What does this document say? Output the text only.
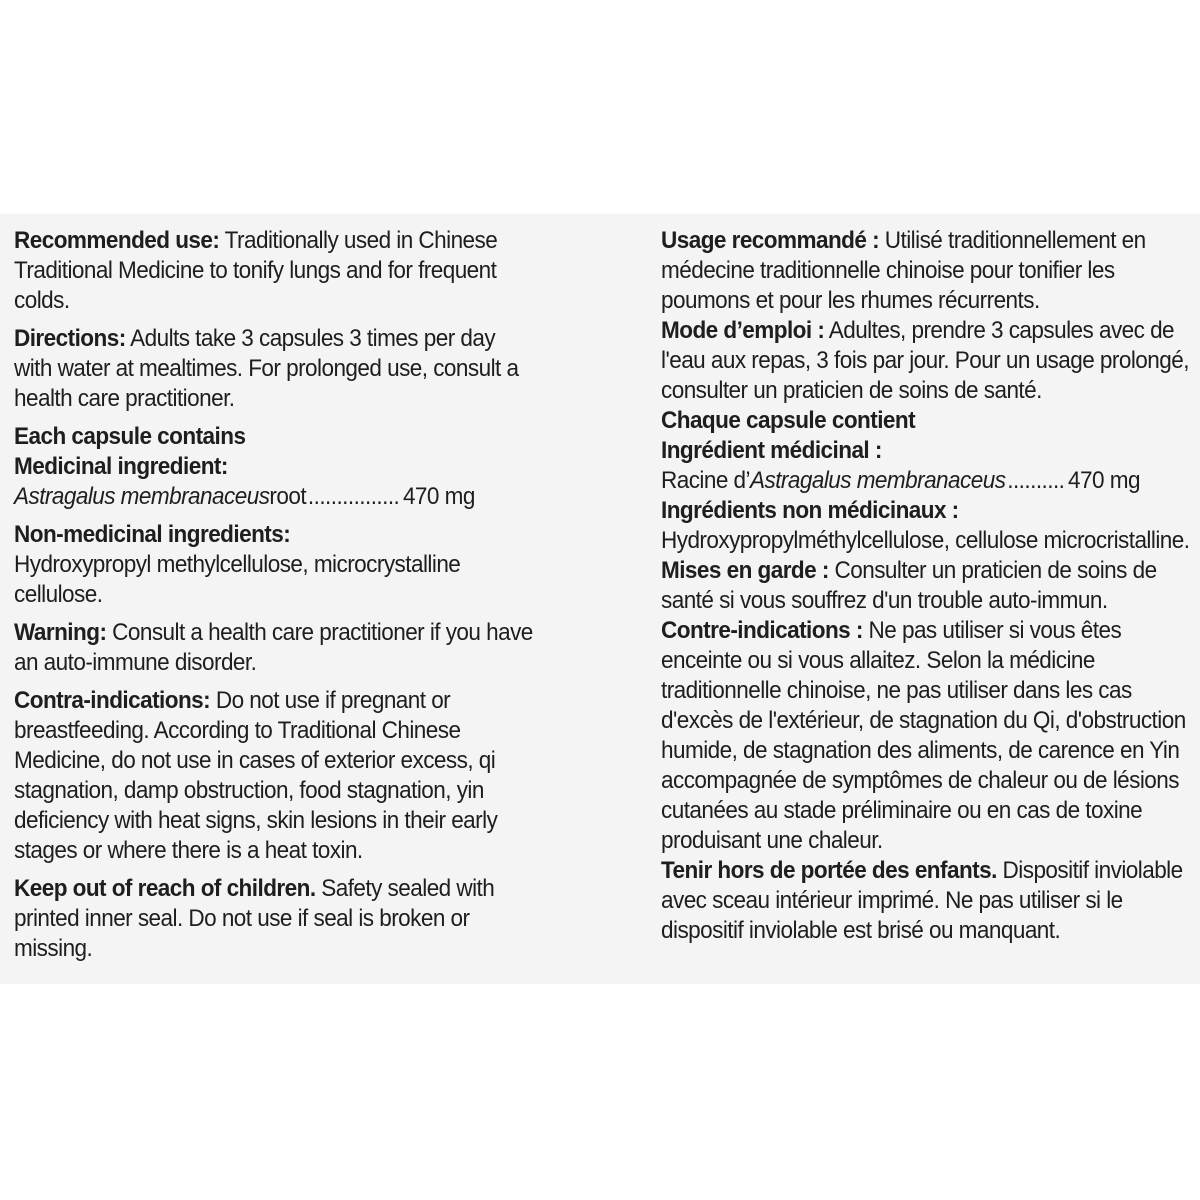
Recommended use: Traditionally used in Chinese Traditional Medicine to tonify lungs and for frequent colds.

Directions: Adults take 3 capsules 3 times per day with water at mealtimes. For prolonged use, consult a health care practitioner.

Each capsule contains

Medicinal ingredient:

Astragalus membranaceus root ................ 470 mg

Non-medicinal ingredients:

Hydroxypropyl methylcellulose, microcrystalline cellulose.

Warning: Consult a health care practitioner if you have an auto-immune disorder.

Contra-indications: Do not use if pregnant or breastfeeding. According to Traditional Chinese Medicine, do not use in cases of exterior excess, qi stagnation, damp obstruction, food stagnation, yin deficiency with heat signs, skin lesions in their early stages or where there is a heat toxin.

Keep out of reach of children. Safety sealed with printed inner seal. Do not use if seal is broken or missing.

Usage recommandé : Utilisé traditionnellement en médecine traditionnelle chinoise pour tonifier les poumons et pour les rhumes récurrents.

Mode d’emploi : Adultes, prendre 3 capsules avec de l'eau aux repas, 3 fois par jour. Pour un usage prolongé, consulter un praticien de soins de santé.

Chaque capsule contient

Ingrédient médicinal :

Racine d’ Astragalus membranaceus .......... 470 mg

Ingrédients non médicinaux :

Hydroxypropylméthylcellulose, cellulose microcristalline.

Mises en garde : Consulter un praticien de soins de santé si vous souffrez d'un trouble auto-immun.

Contre-indications : Ne pas utiliser si vous êtes enceinte ou si vous allaitez. Selon la médicine traditionnelle chinoise, ne pas utiliser dans les cas d'excès de l'extérieur, de stagnation du Qi, d'obstruction humide, de stagnation des aliments, de carence en Yin accompagnée de symptômes de chaleur ou de lésions cutanées au stade préliminaire ou en cas de toxine produisant une chaleur.

Tenir hors de portée des enfants. Dispositif inviolable avec sceau intérieur imprimé. Ne pas utiliser si le dispositif inviolable est brisé ou manquant.
